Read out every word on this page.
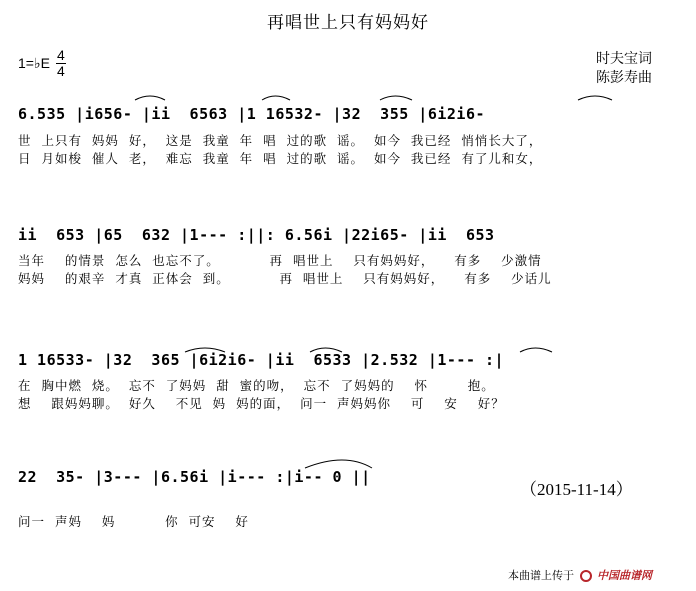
再唱世上只有妈妈好
1=♭E 4
4
时夫宝词
陈彭寿曲
6.535 |i656- |ii  6563 |1 16532- |32  355 |6i2i6-
世  上只有  妈妈  好，  这是  我童  年  唱  过的歌  谣。  如今  我已经  悄悄长大了，
日  月如梭  催人  老，  难忘  我童  年  唱  过的歌  谣。  如今  我已经  有了儿和女，
ii  653 |65  632 |1--- :||: 6.56i |22i65- |ii  653
当年    的情景  怎么  也忘不了。          再  唱世上    只有妈妈好，    有多    少激情
妈妈    的艰辛  才真  正体会  到。          再  唱世上    只有妈妈好，    有多    少话儿
1 16533- |32  365 |6i2i6- |ii  6533 |2.532 |1--- :|
在  胸中燃  烧。  忘不  了妈妈  甜  蜜的吻，  忘不  了妈妈的    怀        抱。
想    跟妈妈聊。  好久    不见  妈  妈的面，  问一  声妈妈你    可    安    好？
22  35- |3--- |6.56i |i--- :|i-- 0 ||
问一  声妈    妈          你  可安    好
（2015-11-14）
本曲谱上传于 中国曲谱网
